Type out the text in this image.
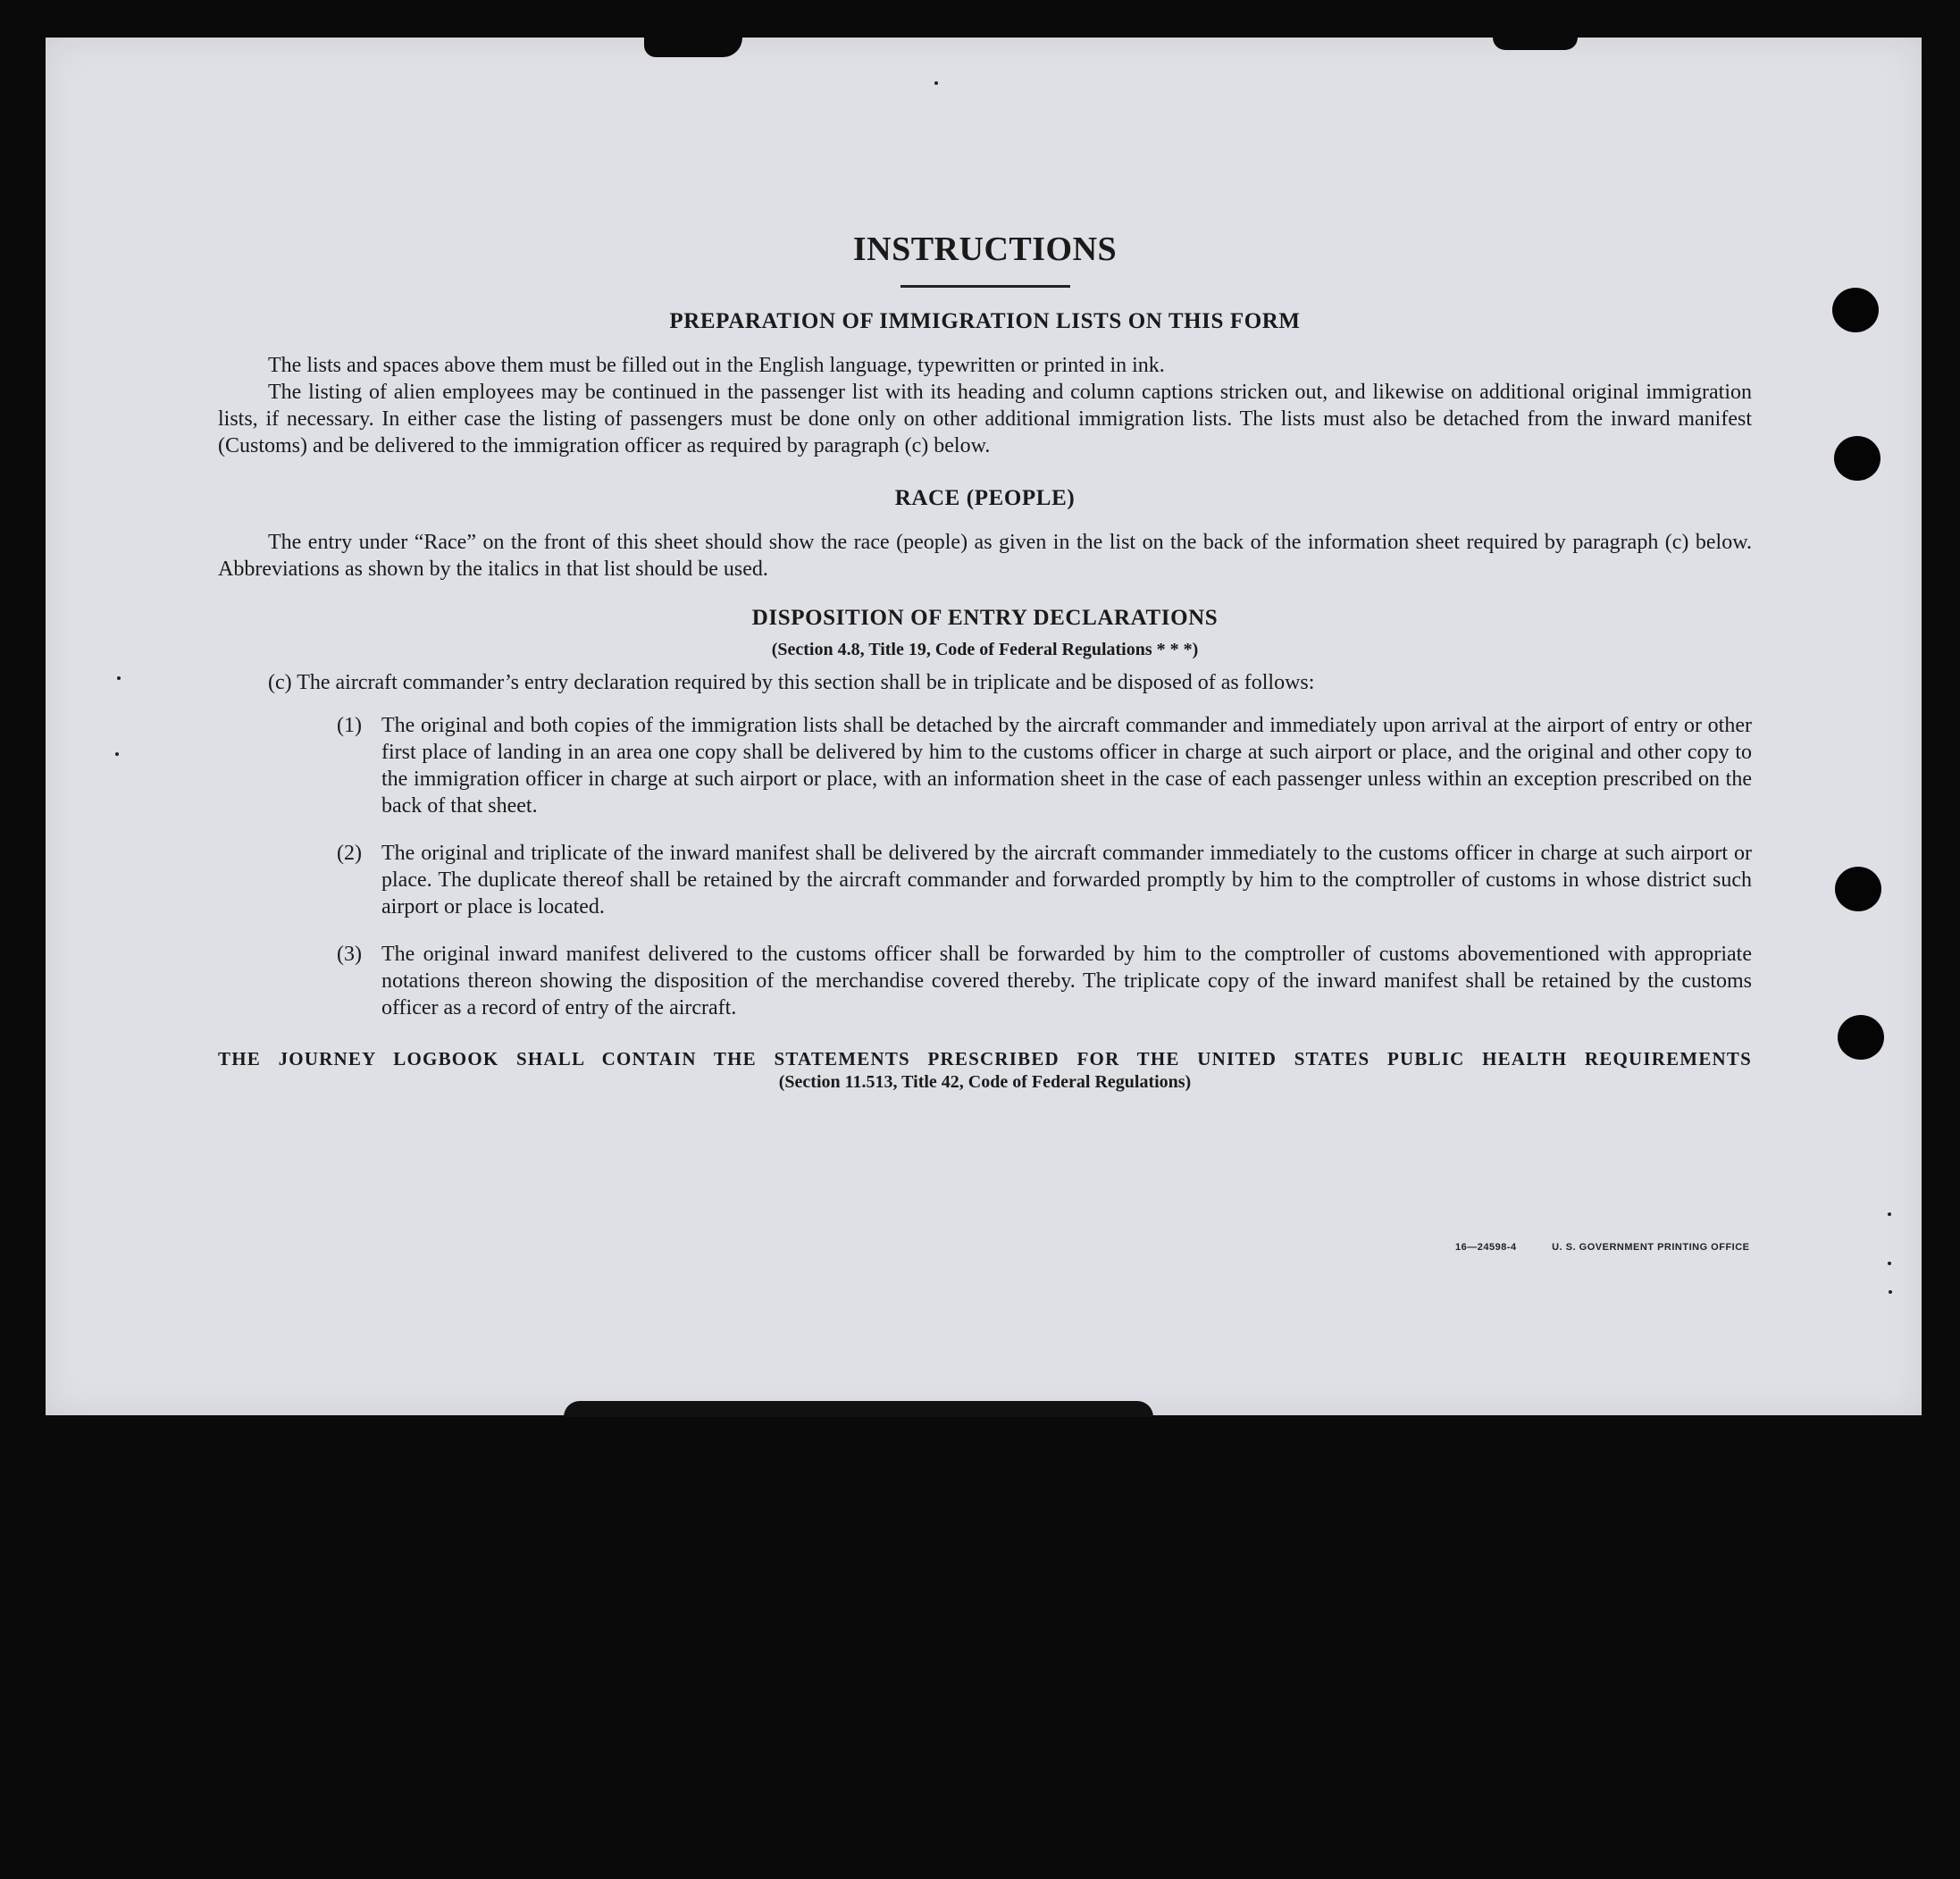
INSTRUCTIONS
PREPARATION OF IMMIGRATION LISTS ON THIS FORM

The lists and spaces above them must be filled out in the English language, typewritten or printed in ink.

The listing of alien employees may be continued in the passenger list with its heading and column captions stricken out, and likewise on additional original immigration lists, if necessary. In either case the listing of passengers must be done only on other additional immigration lists. The lists must also be detached from the inward manifest (Customs) and be delivered to the immigration officer as required by paragraph (c) below.

RACE (PEOPLE)

The entry under “Race” on the front of this sheet should show the race (people) as given in the list on the back of the information sheet required by paragraph (c) below. Abbreviations as shown by the italics in that list should be used.

DISPOSITION OF ENTRY DECLARATIONS
(Section 4.8, Title 19, Code of Federal Regulations * * *)
(c) The aircraft commander’s entry declaration required by this section shall be in triplicate and be disposed of as follows:
(1) The original and both copies of the immigration lists shall be detached by the aircraft commander and immediately upon arrival at the airport of entry or other first place of landing in an area one copy shall be delivered by him to the customs officer in charge at such airport or place, and the original and other copy to the immigration officer in charge at such airport or place, with an information sheet in the case of each passenger unless within an exception prescribed on the back of that sheet.
(2) The original and triplicate of the inward manifest shall be delivered by the aircraft commander immediately to the customs officer in charge at such airport or place. The duplicate thereof shall be retained by the aircraft commander and forwarded promptly by him to the comptroller of customs in whose district such airport or place is located.
(3) The original inward manifest delivered to the customs officer shall be forwarded by him to the comptroller of customs abovementioned with appropriate notations thereon showing the disposition of the merchandise covered thereby. The triplicate copy of the inward manifest shall be retained by the customs officer as a record of entry of the aircraft.
THE JOURNEY LOGBOOK SHALL CONTAIN THE STATEMENTS PRESCRIBED FOR THE UNITED STATES PUBLIC HEALTH REQUIREMENTS
(Section 11.513, Title 42, Code of Federal Regulations)
16—24598-4	U. S. GOVERNMENT PRINTING OFFICE
